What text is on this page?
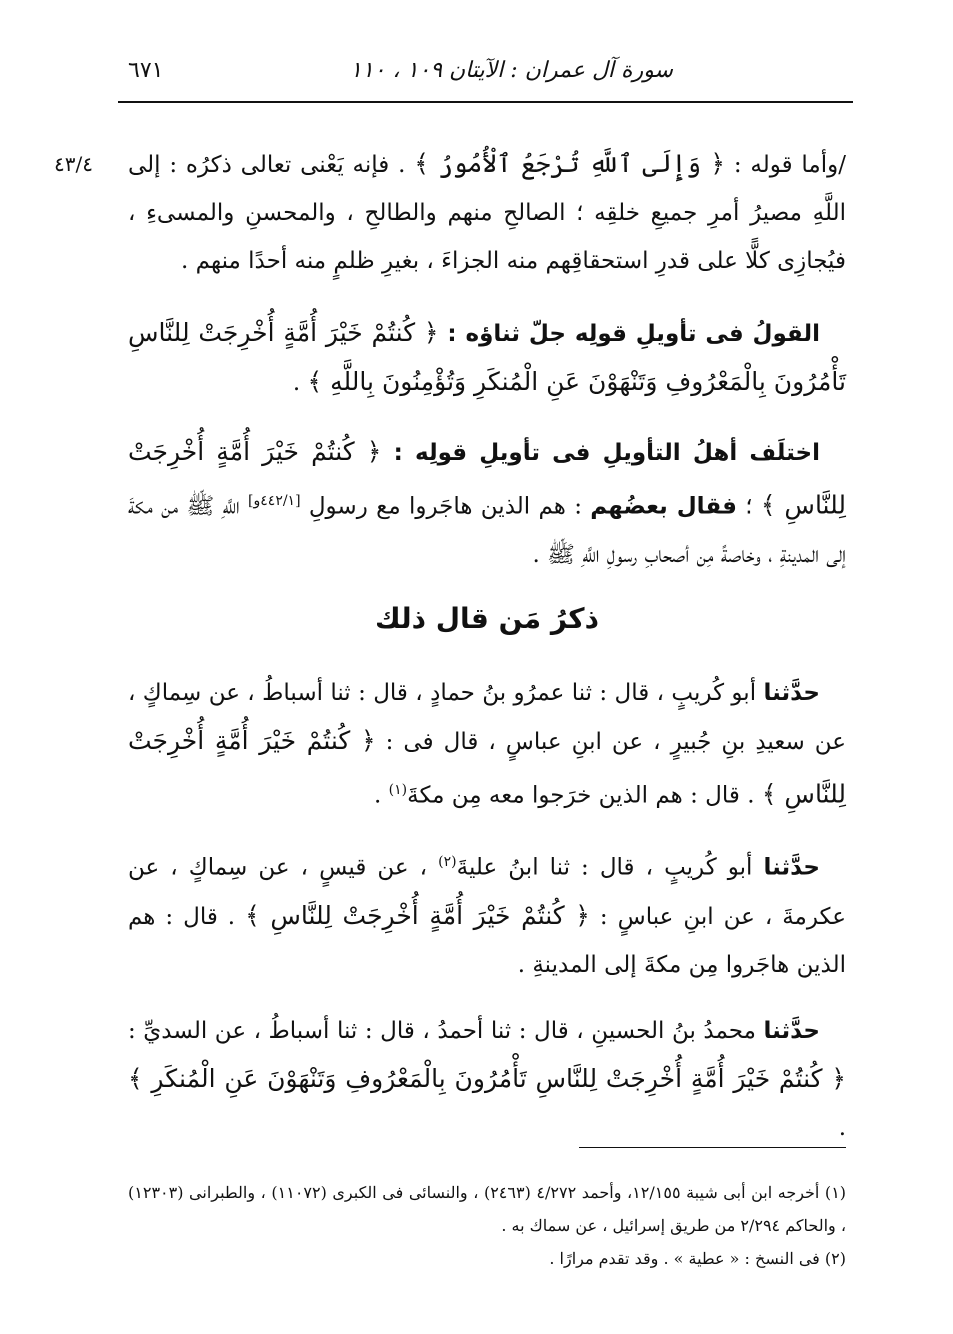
سورة آل عمران : الآيتان ١٠٩ ، ١١٠
٦٧١
٤٣/٤	/وأما قوله : ﴿ وَإِلَى ٱللَّهِ تُرْجَعُ ٱلْأُمُورُ ﴾ . فإنه يَعْنى تعالى ذكرُه : إلى اللَّهِ مصيرُ أمرِ جميعِ خلقِه ؛ الصالحِ منهم والطالحِ ، والمحسنِ والمسىءِ ، فيُجازِى كلًّا على قدرِ استحقاقِهم منه الجزاءَ ، بغيرِ ظلمٍ منه أحدًا منهم .
القولُ فى تأويلِ قولِه جلّ ثناؤه : ﴿ كُنتُمْ خَيْرَ أُمَّةٍ أُخْرِجَتْ لِلنَّاسِ تَأْمُرُونَ بِالْمَعْرُوفِ وَتَنْهَوْنَ عَنِ الْمُنكَرِ وَتُؤْمِنُونَ بِاللَّهِ ﴾ .
اختلَف أهلُ التأويلِ فى تأويلِ قولِه : ﴿ كُنتُمْ خَيْرَ أُمَّةٍ أُخْرِجَتْ لِلنَّاسِ ﴾ ؛ فقال بعضُهم : هم الذين هاجَروا مع رسولِ [٤٤٢/١و] اللَّهِ ﷺ من مكةَ إلى المدينةِ ، وخاصةً مِن أصحابِ رسولِ اللَّهِ ﷺ .
ذكرُ مَن قال ذلك
حدَّثنا أبو كُريبٍ ، قال : ثنا عمرُو بنُ حمادٍ ، قال : ثنا أسباطُ ، عن سِماكٍ ، عن سعيدِ بنِ جُبيرٍ ، عن ابنِ عباسٍ ، قال فى : ﴿ كُنتُمْ خَيْرَ أُمَّةٍ أُخْرِجَتْ لِلنَّاسِ ﴾ . قال : هم الذين خرَجوا معه مِن مكةَ$^{(١)}$ .
حدَّثنا أبو كُريبٍ ، قال : ثنا ابنُ عليةَ$^{(٢)}$ ، عن قيسٍ ، عن سِماكٍ ، عن عكرمةَ ، عن ابنِ عباسٍ : ﴿ كُنتُمْ خَيْرَ أُمَّةٍ أُخْرِجَتْ لِلنَّاسِ ﴾ . قال : هم الذين هاجَروا مِن مكةَ إلى المدينةِ .
حدَّثنا محمدُ بنُ الحسينِ ، قال : ثنا أحمدُ ، قال : ثنا أسباطُ ، عن السديِّ : ﴿ كُنتُمْ خَيْرَ أُمَّةٍ أُخْرِجَتْ لِلنَّاسِ تَأْمُرُونَ بِالْمَعْرُوفِ وَتَنْهَوْنَ عَنِ الْمُنكَرِ ﴾ .
(١) أخرجه ابن أبى شيبة ١٢/١٥٥، وأحمد ٤/٢٧٢ (٢٤٦٣) ، والنسائى فى الكبرى (١١٠٧٢) ، والطبرانى (١٢٣٠٣) ، والحاكم ٢/٢٩٤ من طريق إسرائيل ، عن سماك به .
(٢) فى النسخ : « عطية » . وقد تقدم مرارًا .
